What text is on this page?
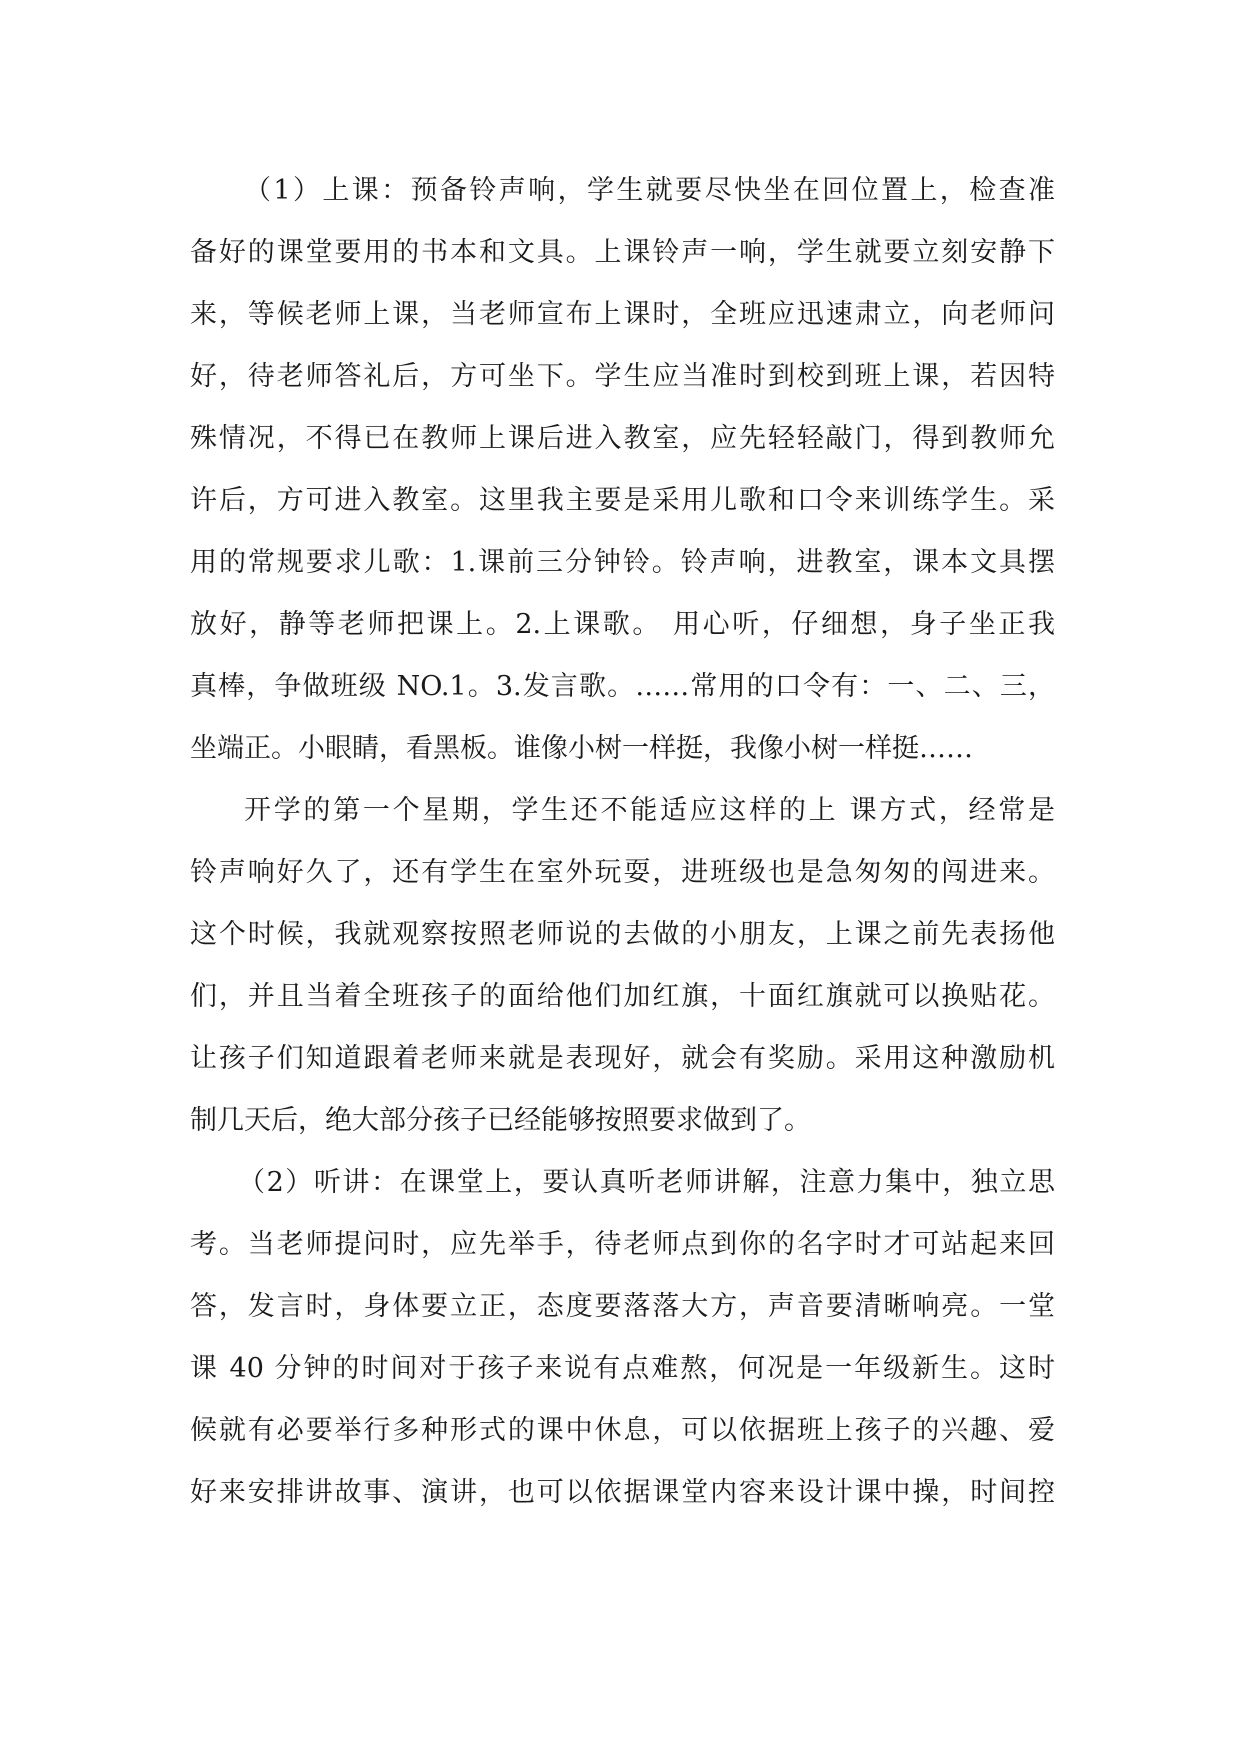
（1）上课：预备铃声响，学生就要尽快坐在回位置上，检查准
备好的课堂要用的书本和文具。上课铃声一响，学生就要立刻安静下
来，等候老师上课，当老师宣布上课时，全班应迅速肃立，向老师问
好，待老师答礼后，方可坐下。学生应当准时到校到班上课，若因特
殊情况，不得已在教师上课后进入教室，应先轻轻敲门，得到教师允
许后，方可进入教室。这里我主要是采用儿歌和口令来训练学生。采
用的常规要求儿歌：1.课前三分钟铃。铃声响，进教室，课本文具摆
放好，静等老师把课上。2.上课歌。 用心听，仔细想，身子坐正我
真棒，争做班级 NO.1。3.发言歌。……常用的口令有：一、二、三，
坐端正。小眼睛，看黑板。谁像小树一样挺，我像小树一样挺……
开学的第一个星期，学生还不能适应这样的上 课方式，经常是
铃声响好久了，还有学生在室外玩耍，进班级也是急匆匆的闯进来。
这个时候，我就观察按照老师说的去做的小朋友，上课之前先表扬他
们，并且当着全班孩子的面给他们加红旗，十面红旗就可以换贴花。
让孩子们知道跟着老师来就是表现好，就会有奖励。采用这种激励机
制几天后，绝大部分孩子已经能够按照要求做到了。
（2）听讲：在课堂上，要认真听老师讲解，注意力集中，独立思
考。当老师提问时，应先举手，待老师点到你的名字时才可站起来回
答，发言时，身体要立正，态度要落落大方，声音要清晰响亮。一堂
课 40 分钟的时间对于孩子来说有点难熬，何况是一年级新生。这时
候就有必要举行多种形式的课中休息，可以依据班上孩子的兴趣、爱
好来安排讲故事、演讲，也可以依据课堂内容来设计课中操，时间控
